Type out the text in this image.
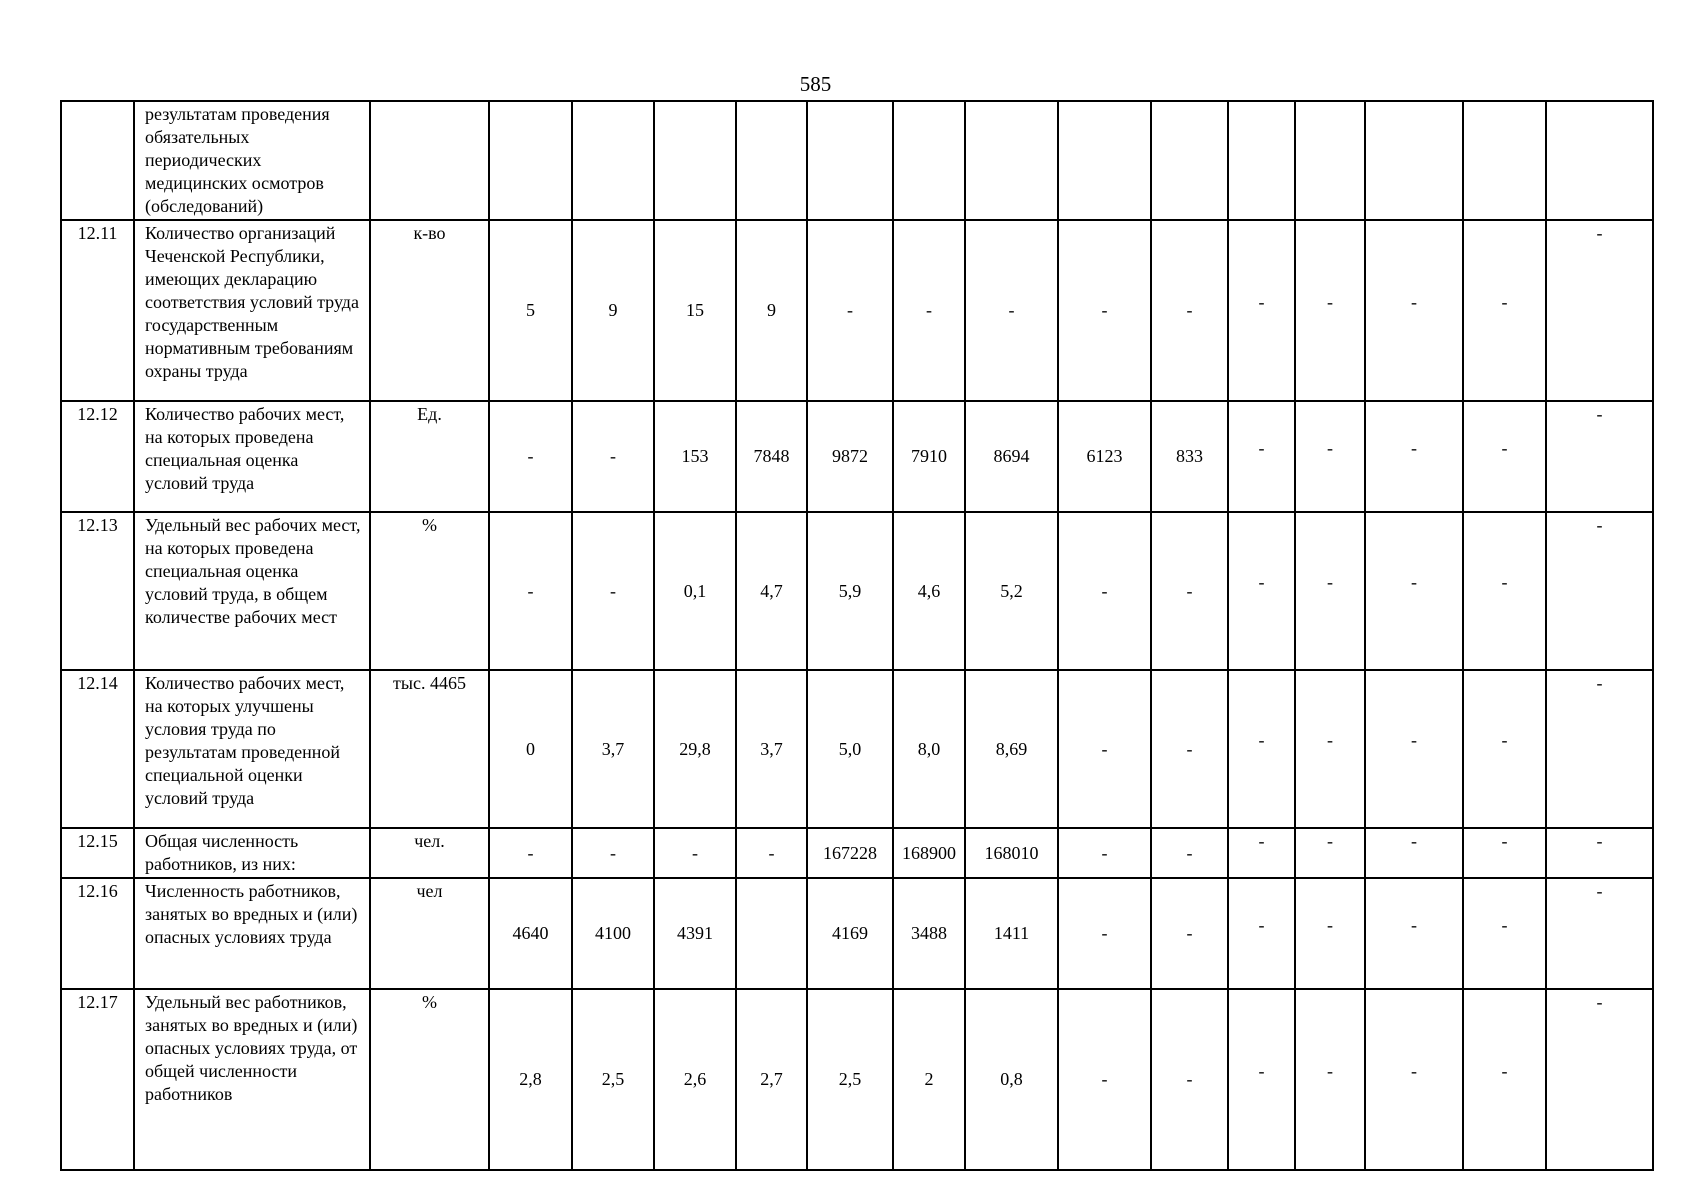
585
	результатам проведения обязательных периодических медицинских осмотров (обследований)															
12.11	Количество организаций Чеченской Республики, имеющих декларацию соответствия условий труда государственным нормативным требованиям охраны труда	к-во	5	9	15	9	-	-	-	-	-	-	-	-	-	-
12.12	Количество рабочих мест, на которых проведена специальная оценка условий труда	Ед.	-	-	153	7848	9872	7910	8694	6123	833	-	-	-	-	-
12.13	Удельный вес рабочих мест, на которых проведена специальная оценка условий труда, в общем количестве рабочих мест	%	-	-	0,1	4,7	5,9	4,6	5,2	-	-	-	-	-	-	-
12.14	Количество рабочих мест, на которых улучшены условия труда по результатам проведенной специальной оценки условий труда	тыс. 4465	0	3,7	29,8	3,7	5,0	8,0	8,69	-	-	-	-	-	-	-
12.15	Общая численность работников, из них:	чел.	-	-	-	-	167228	168900	168010	-	-	-	-	-	-	-
12.16	Численность работников, занятых во вредных и (или) опасных условиях труда	чел	4640	4100	4391		4169	3488	1411	-	-	-	-	-	-	-
12.17	Удельный вес работников, занятых во вредных и (или) опасных условиях труда, от общей численности работников	%	2,8	2,5	2,6	2,7	2,5	2	0,8	-	-	-	-	-	-	-
